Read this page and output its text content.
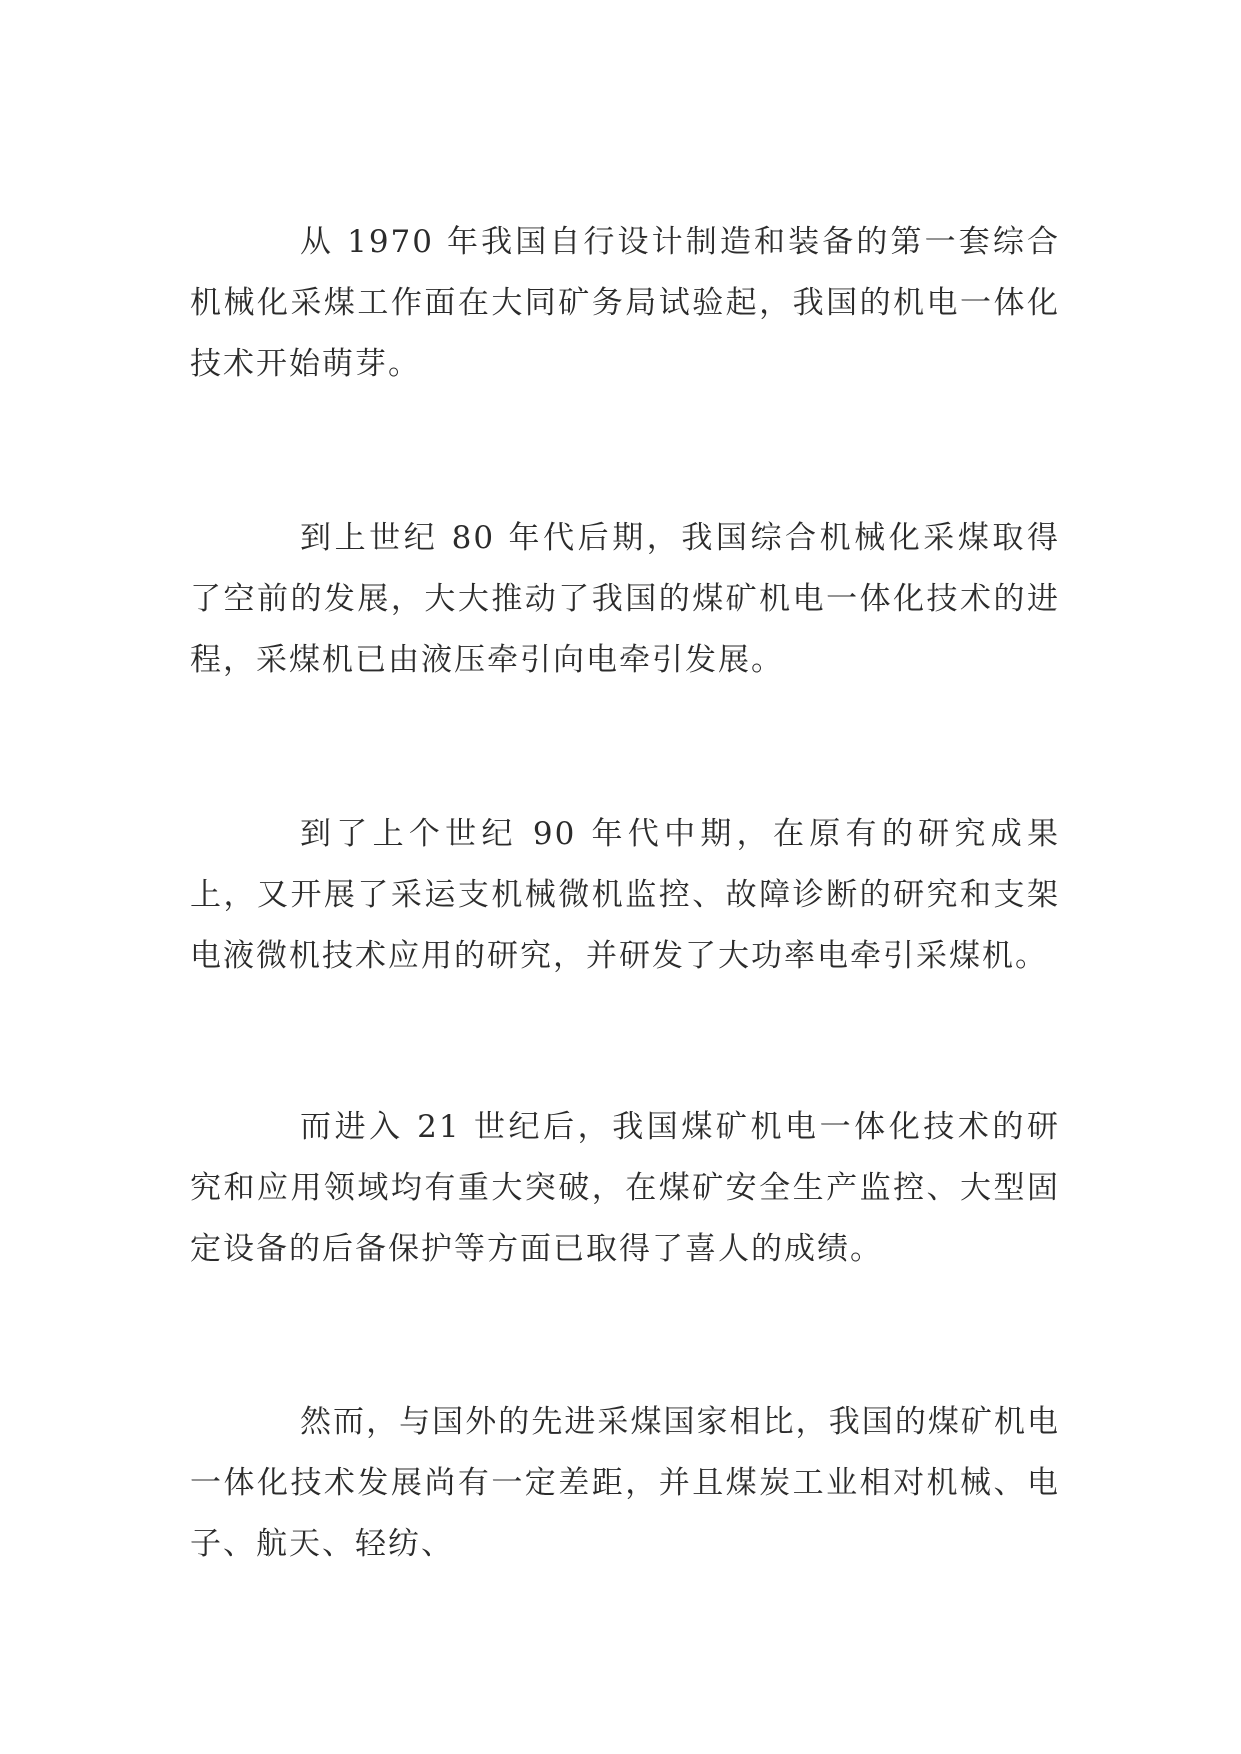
从 1970 年我国自行设计制造和装备的第一套综合机械化采煤工作面在大同矿务局试验起，我国的机电一体化技术开始萌芽。

到上世纪 80 年代后期，我国综合机械化采煤取得了空前的发展，大大推动了我国的煤矿机电一体化技术的进程，采煤机已由液压牵引向电牵引发展。

到了上个世纪 90 年代中期，在原有的研究成果上，又开展了采运支机械微机监控、故障诊断的研究和支架电液微机技术应用的研究，并研发了大功率电牵引采煤机。

而进入 21 世纪后，我国煤矿机电一体化技术的研究和应用领域均有重大突破，在煤矿安全生产监控、大型固定设备的后备保护等方面已取得了喜人的成绩。

然而，与国外的先进采煤国家相比，我国的煤矿机电一体化技术发展尚有一定差距，并且煤炭工业相对机械、电子、航天、轻纺、
